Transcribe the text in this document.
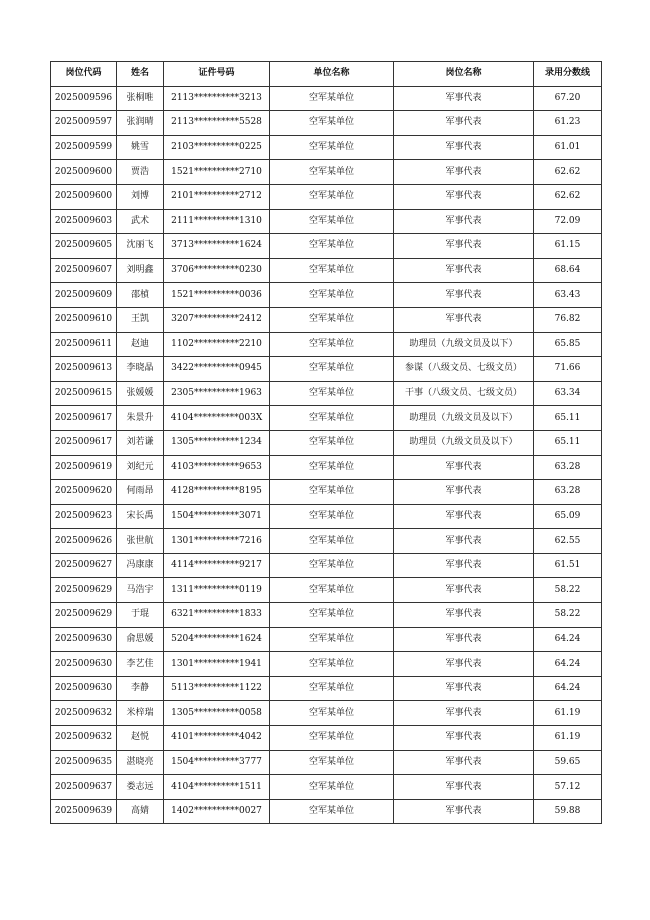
岗位代码	姓名	证件号码	单位名称	岗位名称	录用分数线
2025009596	张桐唯	2113**********3213	空军某单位	军事代表	67.20
2025009597	张润晴	2113**********5528	空军某单位	军事代表	61.23
2025009599	姚雪	2103**********0225	空军某单位	军事代表	61.01
2025009600	贾浩	1521**********2710	空军某单位	军事代表	62.62
2025009600	刘博	2101**********2712	空军某单位	军事代表	62.62
2025009603	武术	2111**********1310	空军某单位	军事代表	72.09
2025009605	沈丽飞	3713**********1624	空军某单位	军事代表	61.15
2025009607	刘明鑫	3706**********0230	空军某单位	军事代表	68.64
2025009609	邵楨	1521**********0036	空军某单位	军事代表	63.43
2025009610	王凯	3207**********2412	空军某单位	军事代表	76.82
2025009611	赵迪	1102**********2210	空军某单位	助理员（九级文员及以下）	65.85
2025009613	李晓晶	3422**********0945	空军某单位	参谋（八级文员、七级文员）	71.66
2025009615	张媛媛	2305**********1963	空军某单位	干事（八级文员、七级文员）	63.34
2025009617	朱景升	4104**********003X	空军某单位	助理员（九级文员及以下）	65.11
2025009617	刘若谦	1305**********1234	空军某单位	助理员（九级文员及以下）	65.11
2025009619	刘纪元	4103**********9653	空军某单位	军事代表	63.28
2025009620	何雨昂	4128**********8195	空军某单位	军事代表	63.28
2025009623	宋长禹	1504**********3071	空军某单位	军事代表	65.09
2025009626	张世航	1301**********7216	空军某单位	军事代表	62.55
2025009627	冯康康	4114**********9217	空军某单位	军事代表	61.51
2025009629	马浩宇	1311**********0119	空军某单位	军事代表	58.22
2025009629	于琨	6321**********1833	空军某单位	军事代表	58.22
2025009630	俞思媛	5204**********1624	空军某单位	军事代表	64.24
2025009630	李艺佳	1301**********1941	空军某单位	军事代表	64.24
2025009630	李静	5113**********1122	空军某单位	军事代表	64.24
2025009632	米梓瑞	1305**********0058	空军某单位	军事代表	61.19
2025009632	赵悦	4101**********4042	空军某单位	军事代表	61.19
2025009635	湛晓亮	1504**********3777	空军某单位	军事代表	59.65
2025009637	娄志远	4104**********1511	空军某单位	军事代表	57.12
2025009639	高婧	1402**********0027	空军某单位	军事代表	59.88
